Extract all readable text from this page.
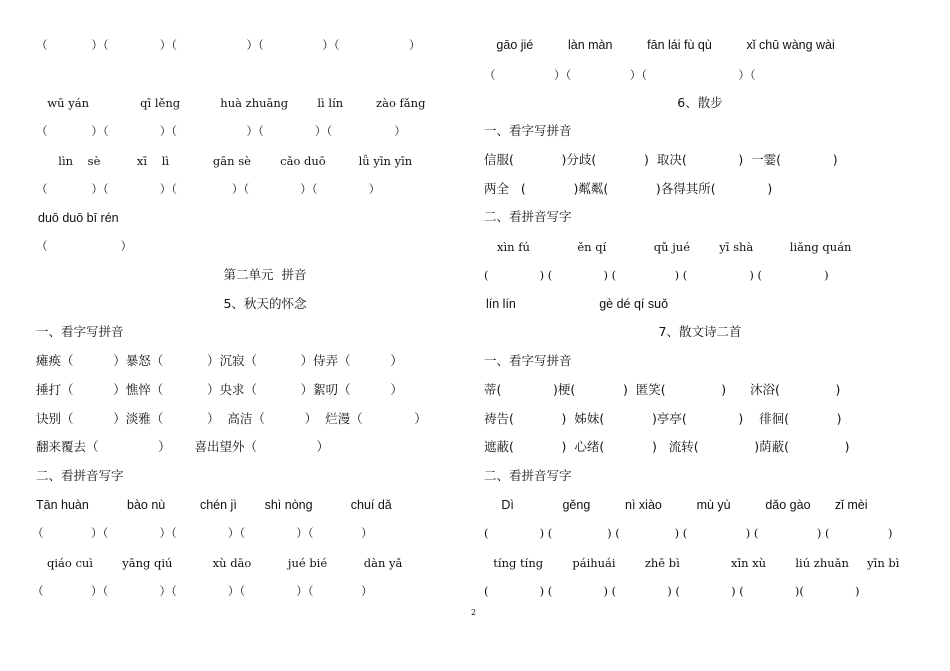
（            ）（              ）（                   ）（                ）（                   ）
wū yán              qī lěng           huà zhuāng        lì lín         zào fǎng
（            ）（              ）（                   ）（              ）（                 ）
lìn    sè          xī    lì            gān sè        cǎo duō         lǚ yīn yīn
（            ）（              ）（               ）（              ）（              ）
duō duō bī rén
（                    ）
第二单元  拼音
5、秋天的怀念
一、看字写拼音
瘫痪（          ）暴怒（           ）沉寂（           ）侍弄（          ）
捶打（          ）憔悴（           ）央求（           ）絮叨（          ）
诀别（          ）淡雅（           ）  高洁（          ）  烂漫（             ）
翻来覆去（               ）      喜出望外（               ）
二、看拼音写字
Tān huàn           bào nù          chén jì        shì nòng           chuí dǎ
（             ）（              ）（              ）（              ）（             ）
qiáo cuì        yāng qiú           xù dāo          jué bié          dàn yǎ
（             ）（              ）（              ）（              ）（             ）
gāo jié          làn màn          fān lái fù qù          xǐ chū wàng wài
（                ）（                ）（                         ）（
6、散步
一、看字写拼音
信服(            )分歧(            )  取决(             )  一霎(             )
两全   (            )粼粼(            )各得其所(             )
二、看拼音写字
xìn fú             ěn qí             qǔ jué        yī shà          liǎng quán
(              ) (              ) (                ) (                 ) (                 )
lín lín                        gè dé qí suǒ
7、散文诗二首
一、看字写拼音
蒂(             )梗(            )  匿笑(              )      沐浴(              )
祷告(            )  姊妹(            )亭亭(             )    徘徊(            )
遮蔽(            )  心绪(            )   流转(              )荫蔽(              )
二、看拼音写字
Dì              gěng          nì xiào          mù yù          dǎo gào       zǐ mèi
(              ) (               ) (               ) (                ) (                ) (                )
tíng tíng        páihuái        zhē bì              xīn xù        liú zhuǎn     yīn bì
(              ) (              ) (              ) (              ) (              )(              )
2
